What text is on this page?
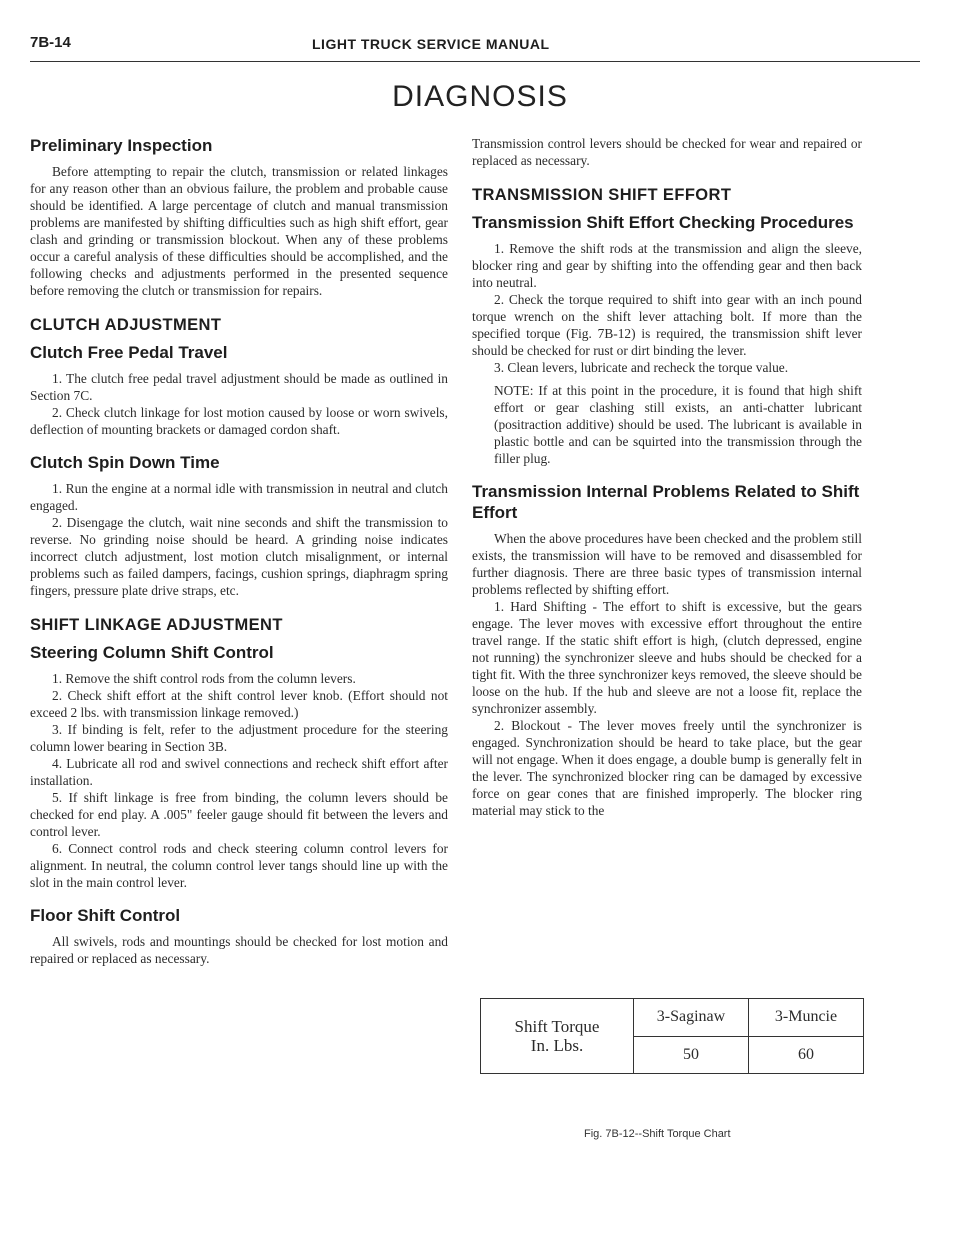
7B-14	LIGHT TRUCK SERVICE MANUAL
DIAGNOSIS
Preliminary Inspection

Before attempting to repair the clutch, transmission or related linkages for any reason other than an obvious failure, the problem and probable cause should be identified. A large percentage of clutch and manual transmission problems are manifested by shifting difficulties such as high shift effort, gear clash and grinding or transmission blockout. When any of these problems occur a careful analysis of these difficulties should be accomplished, and the following checks and adjustments performed in the presented sequence before removing the clutch or transmission for repairs.

CLUTCH ADJUSTMENT
Clutch Free Pedal Travel

1. The clutch free pedal travel adjustment should be made as outlined in Section 7C.

2. Check clutch linkage for lost motion caused by loose or worn swivels, deflection of mounting brackets or damaged cordon shaft.

Clutch Spin Down Time

1. Run the engine at a normal idle with transmission in neutral and clutch engaged.

2. Disengage the clutch, wait nine seconds and shift the transmission to reverse. No grinding noise should be heard. A grinding noise indicates incorrect clutch adjustment, lost motion clutch misalignment, or internal problems such as failed dampers, facings, cushion springs, diaphragm spring fingers, pressure plate drive straps, etc.

SHIFT LINKAGE ADJUSTMENT
Steering Column Shift Control

1. Remove the shift control rods from the column levers.

2. Check shift effort at the shift control lever knob. (Effort should not exceed 2 lbs. with transmission linkage removed.)

3. If binding is felt, refer to the adjustment procedure for the steering column lower bearing in Section 3B.

4. Lubricate all rod and swivel connections and recheck shift effort after installation.

5. If shift linkage is free from binding, the column levers should be checked for end play. A .005" feeler gauge should fit between the levers and control lever.

6. Connect control rods and check steering column control levers for alignment. In neutral, the column control lever tangs should line up with the slot in the main control lever.

Floor Shift Control

All swivels, rods and mountings should be checked for lost motion and repaired or replaced as necessary.

Transmission control levers should be checked for wear and repaired or replaced as necessary.

TRANSMISSION SHIFT EFFORT
Transmission Shift Effort Checking Procedures

1. Remove the shift rods at the transmission and align the sleeve, blocker ring and gear by shifting into the offending gear and then back into neutral.

2. Check the torque required to shift into gear with an inch pound torque wrench on the shift lever attaching bolt. If more than the specified torque (Fig. 7B-12) is required, the transmission shift lever should be checked for rust or dirt binding the lever.

3. Clean levers, lubricate and recheck the torque value.

NOTE: If at this point in the procedure, it is found that high shift effort or gear clashing still exists, an anti-chatter lubricant (positraction additive) should be used. The lubricant is available in plastic bottle and can be squirted into the transmission through the filler plug.

Transmission Internal Problems Related to Shift Effort

When the above procedures have been checked and the problem still exists, the transmission will have to be removed and disassembled for further diagnosis. There are three basic types of transmission internal problems reflected by shifting effort.

1. Hard Shifting - The effort to shift is excessive, but the gears engage. The lever moves with excessive effort throughout the entire travel range. If the static shift effort is high, (clutch depressed, engine not running) the synchronizer sleeve and hubs should be checked for a tight fit. With the three synchronizer keys removed, the sleeve should be loose on the hub. If the hub and sleeve are not a loose fit, replace the synchronizer assembly.

2. Blockout - The lever moves freely until the synchronizer is engaged. Synchronization should be heard to take place, but the gear will not engage. When it does engage, a double bump is generally felt in the lever. The synchronized blocker ring can be damaged by excessive force on gear cones that are finished improperly. The blocker ring material may stick to the

Shift Torque
In. Lbs.	3-Saginaw	3-Muncie
	50	60
Fig. 7B-12--Shift Torque Chart
